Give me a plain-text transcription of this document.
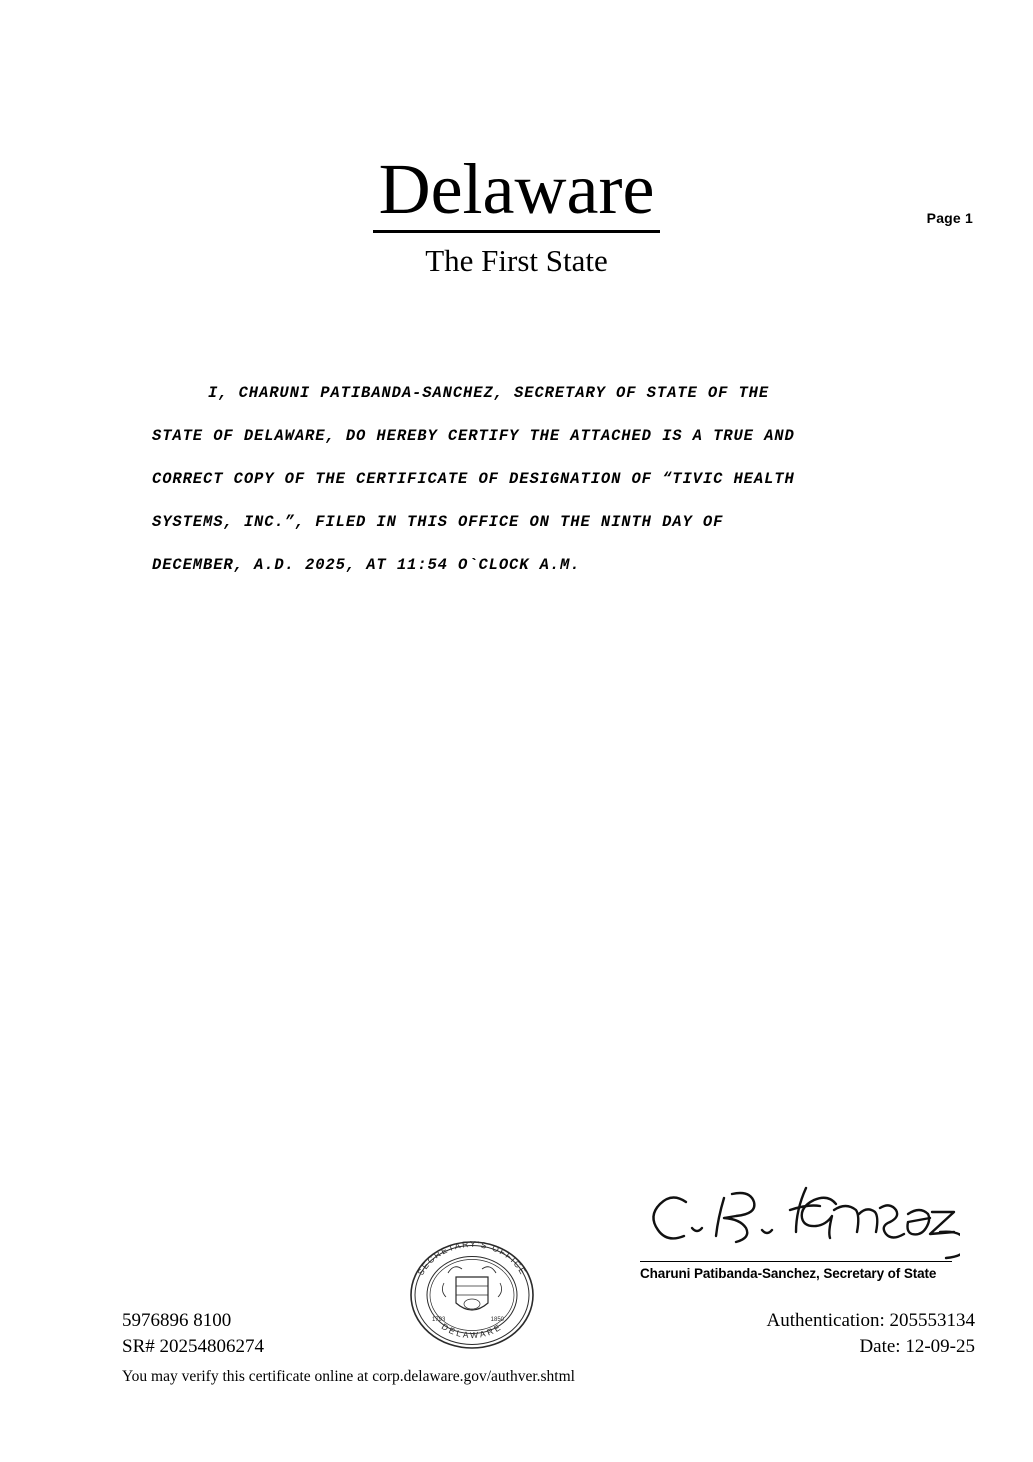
Delaware
The First State
Page 1
I, CHARUNI PATIBANDA-SANCHEZ, SECRETARY OF STATE OF THE
STATE OF DELAWARE, DO HEREBY CERTIFY THE ATTACHED IS A TRUE AND
CORRECT COPY OF THE CERTIFICATE OF DESIGNATION OF “TIVIC HEALTH
SYSTEMS, INC.”, FILED IN THIS OFFICE ON THE NINTH DAY OF
DECEMBER, A.D. 2025, AT 11:54 O`CLOCK A.M.
SECRETARY'S OFFICE
DELAWARE
1793	1850
Charuni Patibanda-Sanchez, Secretary of State
5976896 8100
SR# 20254806274
You may verify this certificate online at corp.delaware.gov/authver.shtml
Authentication: 205553134
Date: 12-09-25
